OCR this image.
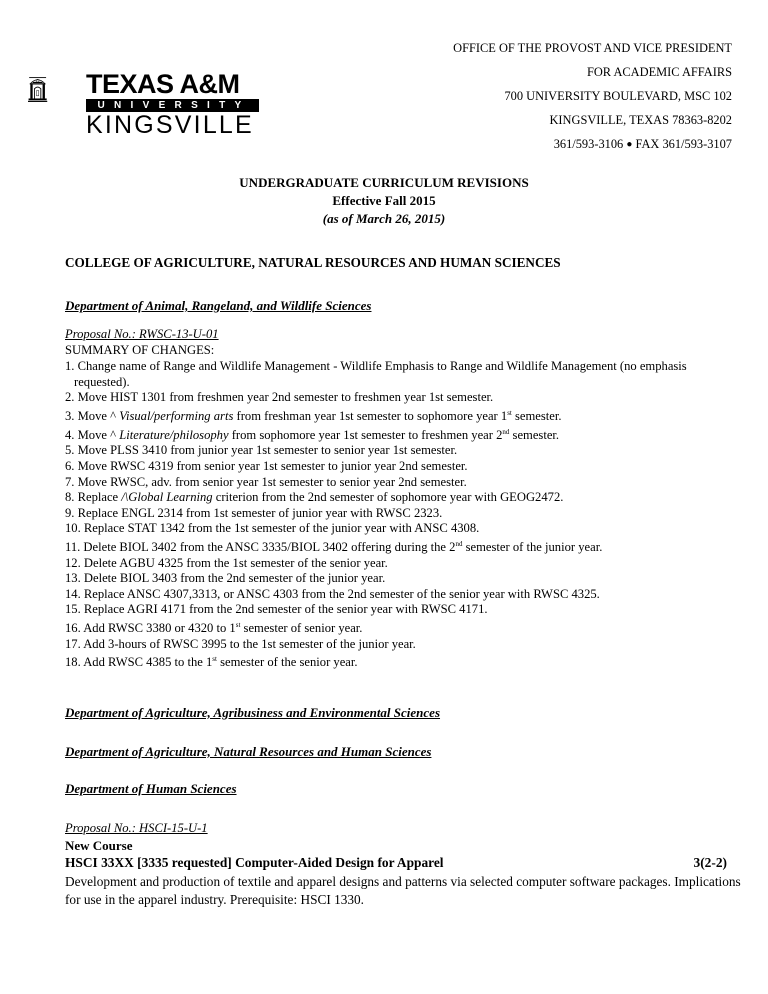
TEXAS A&M
UNIVERSITY
KINGSVILLE
OFFICE OF THE PROVOST AND VICE PRESIDENT
FOR ACADEMIC AFFAIRS
700 UNIVERSITY BOULEVARD, MSC 102
KINGSVILLE, TEXAS 78363-8202
361/593-3106 ● FAX 361/593-3107
UNDERGRADUATE CURRICULUM REVISIONS
Effective Fall 2015
(as of March 26, 2015)
COLLEGE OF AGRICULTURE, NATURAL RESOURCES AND HUMAN SCIENCES
Department of Animal, Rangeland, and Wildlife Sciences
Proposal No.: RWSC-13-U-01
SUMMARY OF CHANGES:
1. Change name of Range and Wildlife Management - Wildlife Emphasis to Range and Wildlife Management (no emphasis requested).
2. Move HIST 1301 from freshmen year 2nd semester to freshmen year 1st semester.
3. Move ^ Visual/performing arts from freshman year 1st semester to sophomore year 1st semester.
4. Move ^ Literature/philosophy from sophomore year 1st semester to freshmen year 2nd semester.
5. Move PLSS 3410 from junior year 1st semester to senior year 1st semester.
6. Move RWSC 4319 from senior year 1st semester to junior year 2nd semester.
7. Move RWSC, adv. from senior year 1st semester to senior year 2nd semester.
8. Replace /\Global Learning criterion from the 2nd semester of sophomore year with GEOG2472.
9. Replace ENGL 2314 from 1st semester of junior year with RWSC 2323.
10. Replace STAT 1342 from the 1st semester of the junior year with ANSC 4308.
11. Delete BIOL 3402 from the ANSC 3335/BIOL 3402 offering during the 2nd semester of the junior year.
12. Delete AGBU 4325 from the 1st semester of the senior year.
13. Delete BIOL 3403 from the 2nd semester of the junior year.
14. Replace ANSC 4307,3313, or ANSC 4303 from the 2nd semester of the senior year with RWSC 4325.
15. Replace AGRI 4171 from the 2nd semester of the senior year with RWSC 4171.
16. Add RWSC 3380 or 4320 to 1st semester of senior year.
17. Add 3-hours of RWSC 3995 to the 1st semester of the junior year.
18. Add RWSC 4385 to the 1st semester of the senior year.
Department of Agriculture, Agribusiness and Environmental Sciences
Department of Agriculture, Natural Resources and Human Sciences
Department of Human Sciences
Proposal No.: HSCI-15-U-1
New Course
HSCI 33XX [3335 requested] Computer-Aided Design for Apparel	3(2-2)
Development and production of textile and apparel designs and patterns via selected computer software packages. Implications for use in the apparel industry. Prerequisite: HSCI 1330.
